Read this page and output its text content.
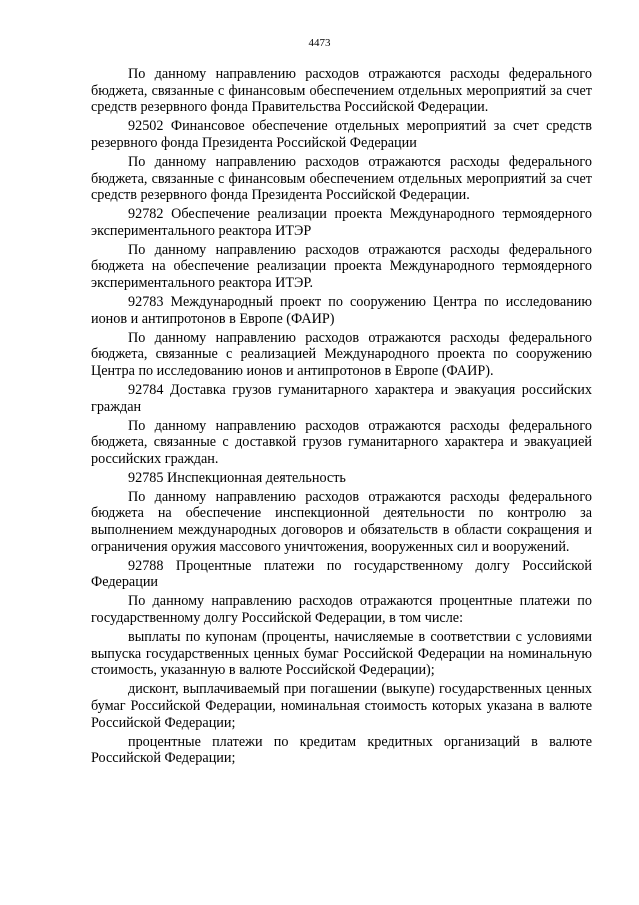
4473

По данному направлению расходов отражаются расходы федерального бюджета, связанные с финансовым обеспечением отдельных мероприятий за счет средств резервного фонда Правительства Российской Федерации.

92502 Финансовое обеспечение отдельных мероприятий за счет средств резервного фонда Президента Российской Федерации

По данному направлению расходов отражаются расходы федерального бюджета, связанные с финансовым обеспечением отдельных мероприятий за счет средств резервного фонда Президента Российской Федерации.

92782 Обеспечение реализации проекта Международного термоядерного экспериментального реактора ИТЭР

По данному направлению расходов отражаются расходы федерального бюджета на обеспечение реализации проекта Международного термоядерного экспериментального реактора ИТЭР.

92783 Международный проект по сооружению Центра по исследованию ионов и антипротонов в Европе (ФАИР)

По данному направлению расходов отражаются расходы федерального бюджета, связанные с реализацией Международного проекта по сооружению Центра по исследованию ионов и антипротонов в Европе (ФАИР).

92784 Доставка грузов гуманитарного характера и эвакуация российских граждан

По данному направлению расходов отражаются расходы федерального бюджета, связанные с доставкой грузов гуманитарного характера и эвакуацией российских граждан.

92785 Инспекционная деятельность

По данному направлению расходов отражаются расходы федерального бюджета на обеспечение инспекционной деятельности по контролю за выполнением международных договоров и обязательств в области сокращения и ограничения оружия массового уничтожения, вооруженных сил и вооружений.

92788 Процентные платежи по государственному долгу Российской Федерации

По данному направлению расходов отражаются процентные платежи по государственному долгу Российской Федерации, в том числе:

выплаты по купонам (проценты, начисляемые в соответствии с условиями выпуска государственных ценных бумаг Российской Федерации на номинальную стоимость, указанную в валюте Российской Федерации);

дисконт, выплачиваемый при погашении (выкупе) государственных ценных бумаг Российской Федерации, номинальная стоимость которых указана в валюте Российской Федерации;

процентные платежи по кредитам кредитных организаций в валюте Российской Федерации;
